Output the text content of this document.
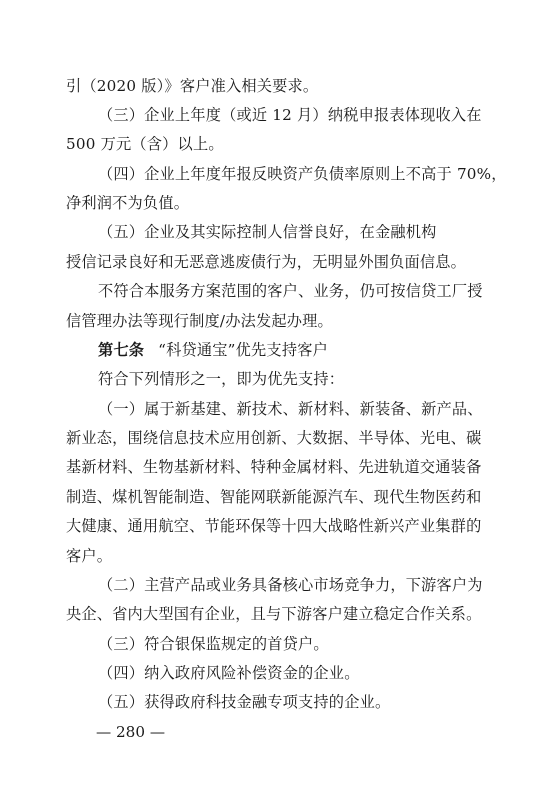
引（2020 版）》客户准入相关要求。
（三）企业上年度（或近 12 月）纳税申报表体现收入在
500 万元（含）以上。
（四）企业上年度年报反映资产负债率原则上不高于 70%，
净利润不为负值。
（五）企业及其实际控制人信誉良好，在金融机构
授信记录良好和无恶意逃废债行为，无明显外围负面信息。
不符合本服务方案范围的客户、业务，仍可按信贷工厂授
信管理办法等现行制度/办法发起办理。
第七条 “科贷通宝”优先支持客户
符合下列情形之一，即为优先支持：
（一）属于新基建、新技术、新材料、新装备、新产品、
新业态，围绕信息技术应用创新、大数据、半导体、光电、碳
基新材料、生物基新材料、特种金属材料、先进轨道交通装备
制造、煤机智能制造、智能网联新能源汽车、现代生物医药和
大健康、通用航空、节能环保等十四大战略性新兴产业集群的
客户。
（二）主营产品或业务具备核心市场竞争力，下游客户为
央企、省内大型国有企业，且与下游客户建立稳定合作关系。
（三）符合银保监规定的首贷户。
（四）纳入政府风险补偿资金的企业。
（五）获得政府科技金融专项支持的企业。
— 280 —
